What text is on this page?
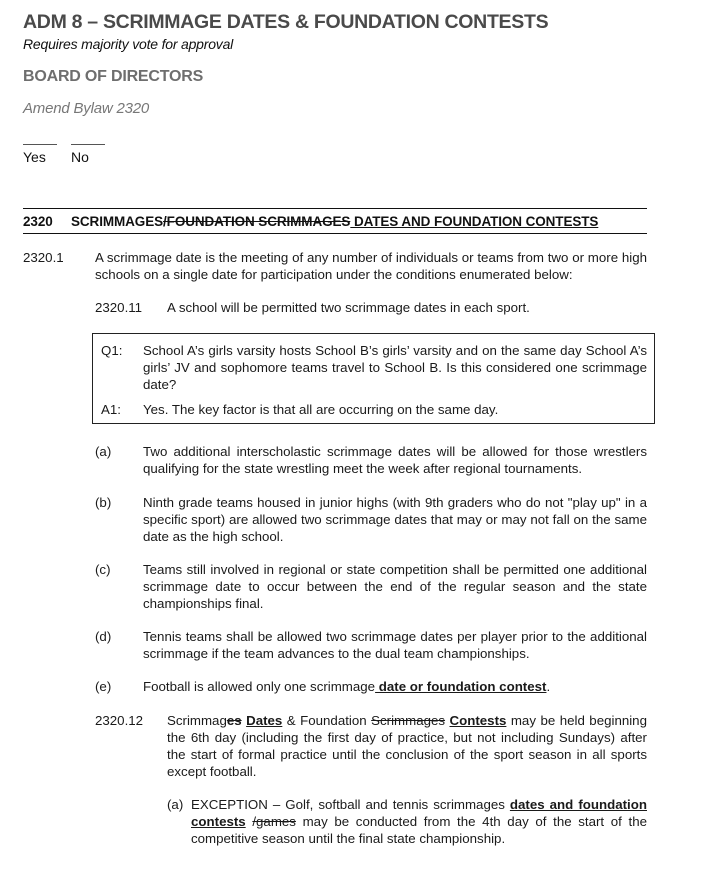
ADM 8 – SCRIMMAGE DATES & FOUNDATION CONTESTS
Requires majority vote for approval
BOARD OF DIRECTORS
Amend Bylaw 2320
Yes No
2320 SCRIMMAGES/FOUNDATION SCRIMMAGES DATES AND FOUNDATION CONTESTS
2320.1 A scrimmage date is the meeting of any number of individuals or teams from two or more high schools on a single date for participation under the conditions enumerated below:
2320.11 A school will be permitted two scrimmage dates in each sport.
Q1: School A’s girls varsity hosts School B’s girls’ varsity and on the same day School A’s girls’ JV and sophomore teams travel to School B. Is this considered one scrimmage date?
A1: Yes. The key factor is that all are occurring on the same day.
(a) Two additional interscholastic scrimmage dates will be allowed for those wrestlers qualifying for the state wrestling meet the week after regional tournaments.
(b) Ninth grade teams housed in junior highs (with 9th graders who do not "play up" in a specific sport) are allowed two scrimmage dates that may or may not fall on the same date as the high school.
(c) Teams still involved in regional or state competition shall be permitted one additional scrimmage date to occur between the end of the regular season and the state championships final.
(d) Tennis teams shall be allowed two scrimmage dates per player prior to the additional scrimmage if the team advances to the dual team championships.
(e) Football is allowed only one scrimmage date or foundation contest.
2320.12 Scrimmages Dates & Foundation Scrimmages Contests may be held beginning the 6th day (including the first day of practice, but not including Sundays) after the start of formal practice until the conclusion of the sport season in all sports except football.
(a) EXCEPTION – Golf, softball and tennis scrimmages dates and foundation contests /games may be conducted from the 4th day of the start of the competitive season until the final state championship.
